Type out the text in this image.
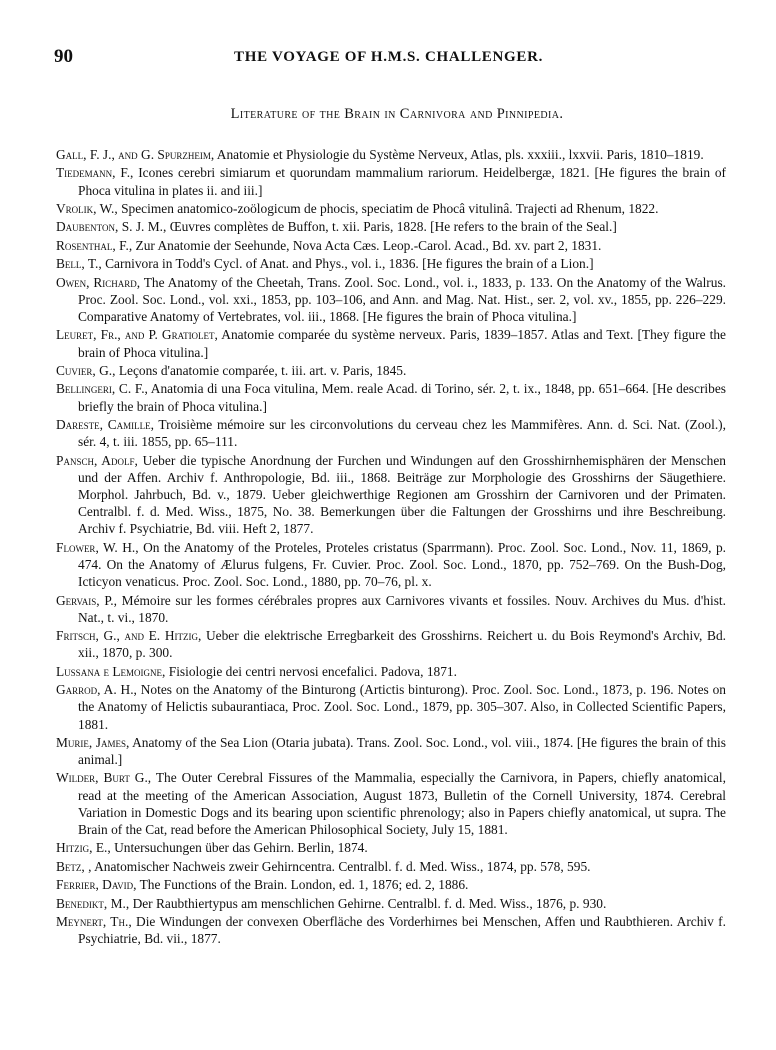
90	THE VOYAGE OF H.M.S. CHALLENGER.
Literature of the Brain in Carnivora and Pinnipedia.

Gall, F. J., and G. Spurzheim, Anatomie et Physiologie du Système Nerveux, Atlas, pls. xxxiii., lxxvii. Paris, 1810–1819.

Tiedemann, F., Icones cerebri simiarum et quorundam mammalium rariorum. Heidelbergæ, 1821. [He figures the brain of Phoca vitulina in plates ii. and iii.]

Vrolik, W., Specimen anatomico-zoölogicum de phocis, speciatim de Phocâ vitulinâ. Trajecti ad Rhenum, 1822.

Daubenton, S. J. M., Œuvres complètes de Buffon, t. xii. Paris, 1828. [He refers to the brain of the Seal.]

Rosenthal, F., Zur Anatomie der Seehunde, Nova Acta Cæs. Leop.-Carol. Acad., Bd. xv. part 2, 1831.

Bell, T., Carnivora in Todd's Cycl. of Anat. and Phys., vol. i., 1836. [He figures the brain of a Lion.]

Owen, Richard, The Anatomy of the Cheetah, Trans. Zool. Soc. Lond., vol. i., 1833, p. 133. On the Anatomy of the Walrus. Proc. Zool. Soc. Lond., vol. xxi., 1853, pp. 103–106, and Ann. and Mag. Nat. Hist., ser. 2, vol. xv., 1855, pp. 226–229. Comparative Anatomy of Vertebrates, vol. iii., 1868. [He figures the brain of Phoca vitulina.]

Leuret, Fr., and P. Gratiolet, Anatomie comparée du système nerveux. Paris, 1839–1857. Atlas and Text. [They figure the brain of Phoca vitulina.]

Cuvier, G., Leçons d'anatomie comparée, t. iii. art. v. Paris, 1845.

Bellingeri, C. F., Anatomia di una Foca vitulina, Mem. reale Acad. di Torino, sér. 2, t. ix., 1848, pp. 651–664. [He describes briefly the brain of Phoca vitulina.]

Dareste, Camille, Troisième mémoire sur les circonvolutions du cerveau chez les Mammifères. Ann. d. Sci. Nat. (Zool.), sér. 4, t. iii. 1855, pp. 65–111.

Pansch, Adolf, Ueber die typische Anordnung der Furchen und Windungen auf den Grosshirnhemisphären der Menschen und der Affen. Archiv f. Anthropologie, Bd. iii., 1868. Beiträge zur Morphologie des Grosshirns der Säugethiere. Morphol. Jahrbuch, Bd. v., 1879. Ueber gleichwerthige Regionen am Grosshirn der Carnivoren und der Primaten. Centralbl. f. d. Med. Wiss., 1875, No. 38. Bemerkungen über die Faltungen der Grosshirns und ihre Beschreibung. Archiv f. Psychiatrie, Bd. viii. Heft 2, 1877.

Flower, W. H., On the Anatomy of the Proteles, Proteles cristatus (Sparrmann). Proc. Zool. Soc. Lond., Nov. 11, 1869, p. 474. On the Anatomy of Ælurus fulgens, Fr. Cuvier. Proc. Zool. Soc. Lond., 1870, pp. 752–769. On the Bush-Dog, Icticyon venaticus. Proc. Zool. Soc. Lond., 1880, pp. 70–76, pl. x.

Gervais, P., Mémoire sur les formes cérébrales propres aux Carnivores vivants et fossiles. Nouv. Archives du Mus. d'hist. Nat., t. vi., 1870.

Fritsch, G., and E. Hitzig, Ueber die elektrische Erregbarkeit des Grosshirns. Reichert u. du Bois Reymond's Archiv, Bd. xii., 1870, p. 300.

Lussana e Lemoigne, Fisiologie dei centri nervosi encefalici. Padova, 1871.

Garrod, A. H., Notes on the Anatomy of the Binturong (Artictis binturong). Proc. Zool. Soc. Lond., 1873, p. 196. Notes on the Anatomy of Helictis subaurantiaca, Proc. Zool. Soc. Lond., 1879, pp. 305–307. Also, in Collected Scientific Papers, 1881.

Murie, James, Anatomy of the Sea Lion (Otaria jubata). Trans. Zool. Soc. Lond., vol. viii., 1874. [He figures the brain of this animal.]

Wilder, Burt G., The Outer Cerebral Fissures of the Mammalia, especially the Carnivora, in Papers, chiefly anatomical, read at the meeting of the American Association, August 1873, Bulletin of the Cornell University, 1874. Cerebral Variation in Domestic Dogs and its bearing upon scientific phrenology; also in Papers chiefly anatomical, ut supra. The Brain of the Cat, read before the American Philosophical Society, July 15, 1881.

Hitzig, E., Untersuchungen über das Gehirn. Berlin, 1874.

Betz, , Anatomischer Nachweis zweir Gehirncentra. Centralbl. f. d. Med. Wiss., 1874, pp. 578, 595.

Ferrier, David, The Functions of the Brain. London, ed. 1, 1876; ed. 2, 1886.

Benedikt, M., Der Raubthiertypus am menschlichen Gehirne. Centralbl. f. d. Med. Wiss., 1876, p. 930.

Meynert, Th., Die Windungen der convexen Oberfläche des Vorderhirnes bei Menschen, Affen und Raubthieren. Archiv f. Psychiatrie, Bd. vii., 1877.
